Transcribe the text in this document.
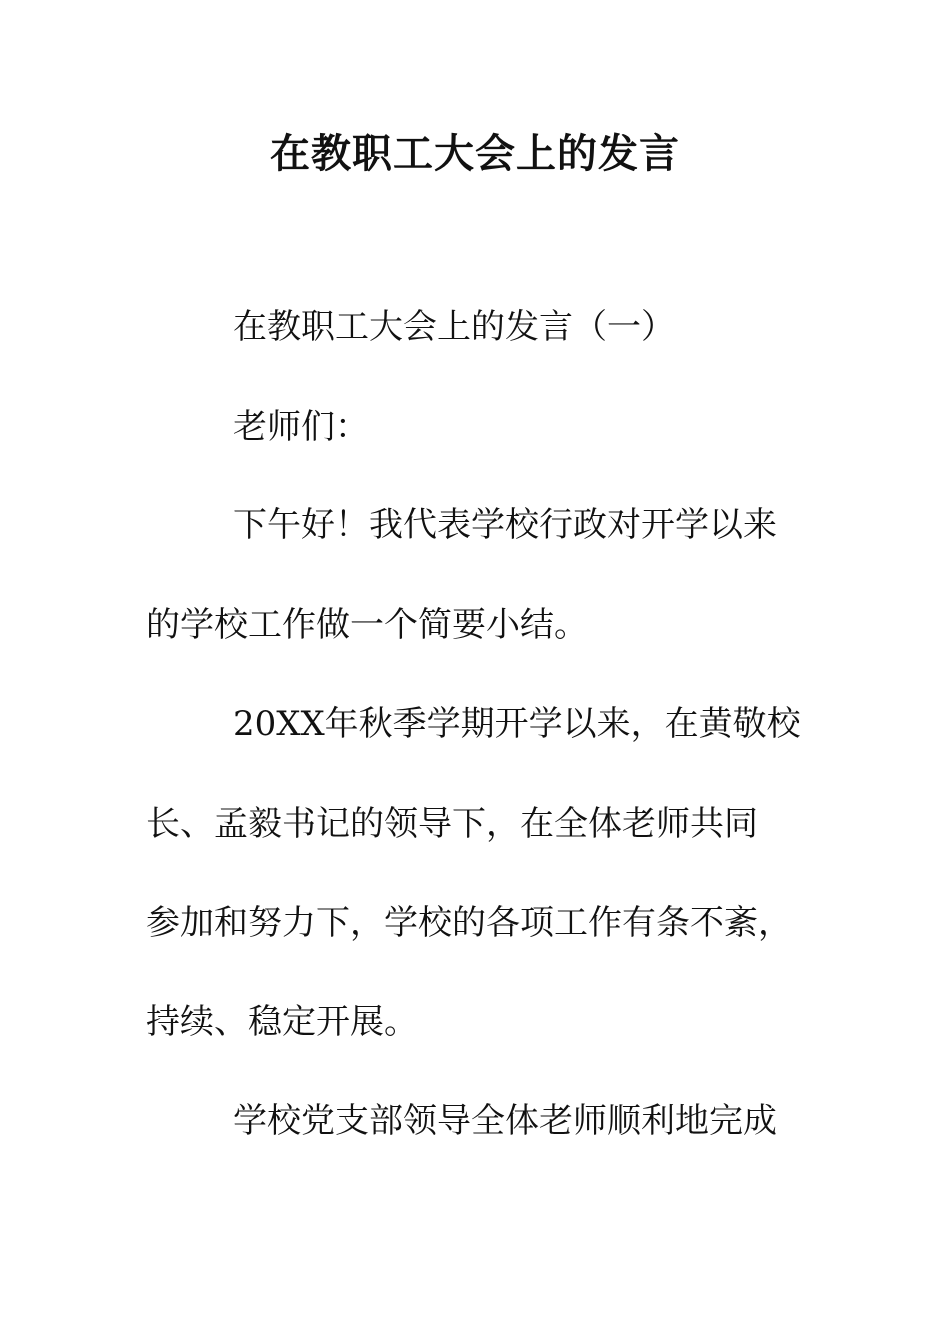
在教职工大会上的发言
在教职工大会上的发言（一）
老师们：
下午好！我代表学校行政对开学以来
的学校工作做一个简要小结。
20XX年秋季学期开学以来，在黄敬校
长、孟毅书记的领导下，在全体老师共同
参加和努力下，学校的各项工作有条不紊，
持续、稳定开展。
学校党支部领导全体老师顺利地完成
